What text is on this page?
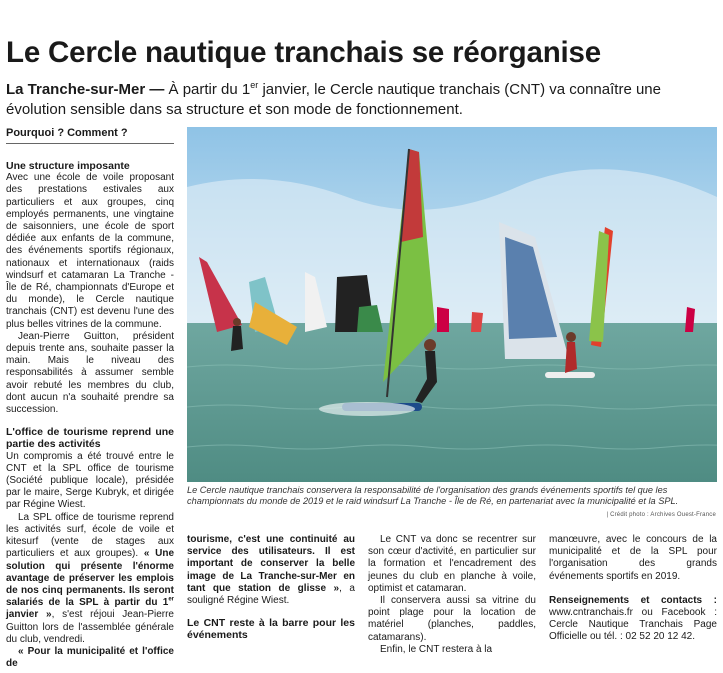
Le Cercle nautique tranchais se réorganise

La Tranche-sur-Mer — À partir du 1er janvier, le Cercle nautique tranchais (CNT) va connaître une évolution sensible dans sa structure et son mode de fonctionnement.

Pourquoi ? Comment ?

Une structure imposante

Avec une école de voile proposant des prestations estivales aux particuliers et aux groupes, cinq employés permanents, une vingtaine de saisonniers, une école de sport dédiée aux enfants de la commune, des événements sportifs régionaux, nationaux et internationaux (raids windsurf et catamaran La Tranche - Île de Ré, championnats d'Europe et du monde), le Cercle nautique tranchais (CNT) est devenu l'une des plus belles vitrines de la commune.

Jean-Pierre Guitton, président depuis trente ans, souhaite passer la main. Mais le niveau des responsabilités à assumer semble avoir rebuté les membres du club, dont aucun n'a souhaité prendre sa succession.

L'office de tourisme reprend une partie des activités

Un compromis a été trouvé entre le CNT et la SPL office de tourisme (Société publique locale), présidée par le maire, Serge Kubryk, et dirigée par Régine Wiest.

La SPL office de tourisme reprend les activités surf, école de voile et kitesurf (vente de stages aux particuliers et aux groupes). « Une solution qui présente l'énorme avantage de préserver les emplois de nos cinq permanents. Ils seront salariés de la SPL à partir du 1er janvier », s'est réjoui Jean-Pierre Guitton lors de l'assemblée générale du club, vendredi.

« Pour la municipalité et l'office de

Le Cercle nautique tranchais conservera la responsabilité de l'organisation des grands événements sportifs tel que les championnats du monde de 2019 et le raid windsurf La Tranche - Île de Ré, en partenariat avec la municipalité et la SPL.

| Crédit photo : Archives Ouest-France

tourisme, c'est une continuité au service des utilisateurs. Il est important de conserver la belle image de La Tranche-sur-Mer en tant que station de glisse », a souligné Régine Wiest.

Le CNT reste à la barre pour les événements

Le CNT va donc se recentrer sur son cœur d'activité, en particulier sur la formation et l'encadrement des jeunes du club en planche à voile, optimist et catamaran.

Il conservera aussi sa vitrine du point plage pour la location de matériel (planches, paddles, catamarans).

Enfin, le CNT restera à la

manœuvre, avec le concours de la municipalité et de la SPL pour l'organisation des grands événements sportifs en 2019.

Renseignements et contacts : www.cntranchais.fr ou Facebook : Cercle Nautique Tranchais Page Officielle ou tél. : 02 52 20 12 42.
